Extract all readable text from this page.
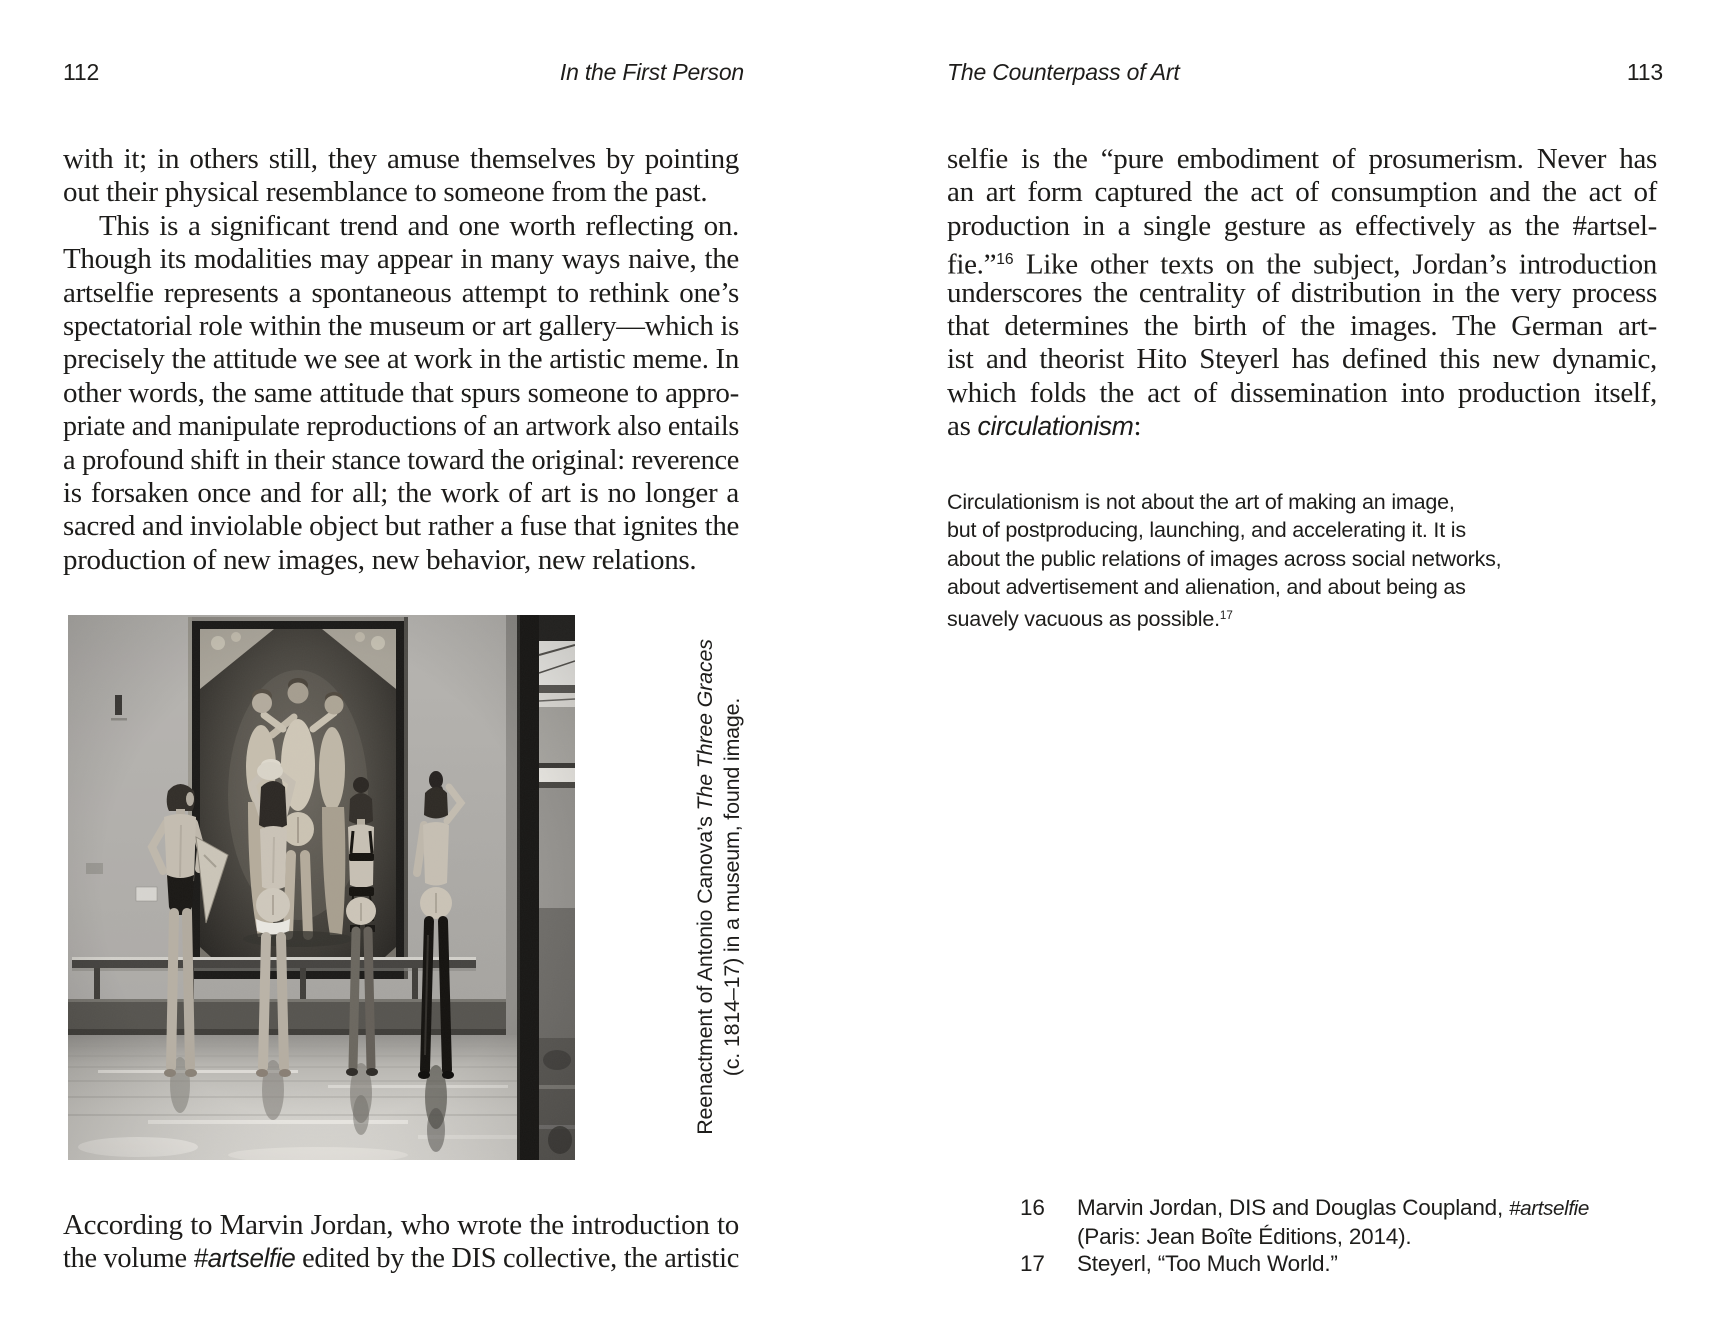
112	In the First Person
with it; in others still, they amuse themselves by pointing
out their physical resemblance to someone from the past.
This is a significant trend and one worth reflecting on.
Though its modalities may appear in many ways naive, the
artselfie represents a spontaneous attempt to rethink one’s
spectatorial role within the museum or art gallery—which is
precisely the attitude we see at work in the artistic meme. In
other words, the same attitude that spurs someone to appro-
priate and manipulate reproductions of an artwork also entails
a profound shift in their stance toward the original: reverence
is forsaken once and for all; the work of art is no longer a
sacred and inviolable object but rather a fuse that ignites the
production of new images, new behavior, new relations.
Reenactment of Antonio Canova’s The Three Graces (c. 1814–17) in a museum, found image.
According to Marvin Jordan, who wrote the introduction to
the volume #artselfie edited by the DIS collective, the artistic
The Counterpass of Art	113
selfie is the “pure embodiment of prosumerism. Never has
an art form captured the act of consumption and the act of
production in a single gesture as effectively as the #artsel-
fie.”$^{16}$ Like other texts on the subject, Jordan’s introduction
underscores the centrality of distribution in the very process
that determines the birth of the images. The German art-
ist and theorist Hito Steyerl has defined this new dynamic,
which folds the act of dissemination into production itself,
as circulationism:
Circulationism is not about the art of making an image,
but of postproducing, launching, and accelerating it. It is
about the public relations of images across social networks,
about advertisement and alienation, and about being as
suavely vacuous as possible.$^{17}$
16	Marvin Jordan, DIS and Douglas Coupland, #artselfie
(Paris: Jean Boîte Éditions, 2014).
17	Steyerl, “Too Much World.”
